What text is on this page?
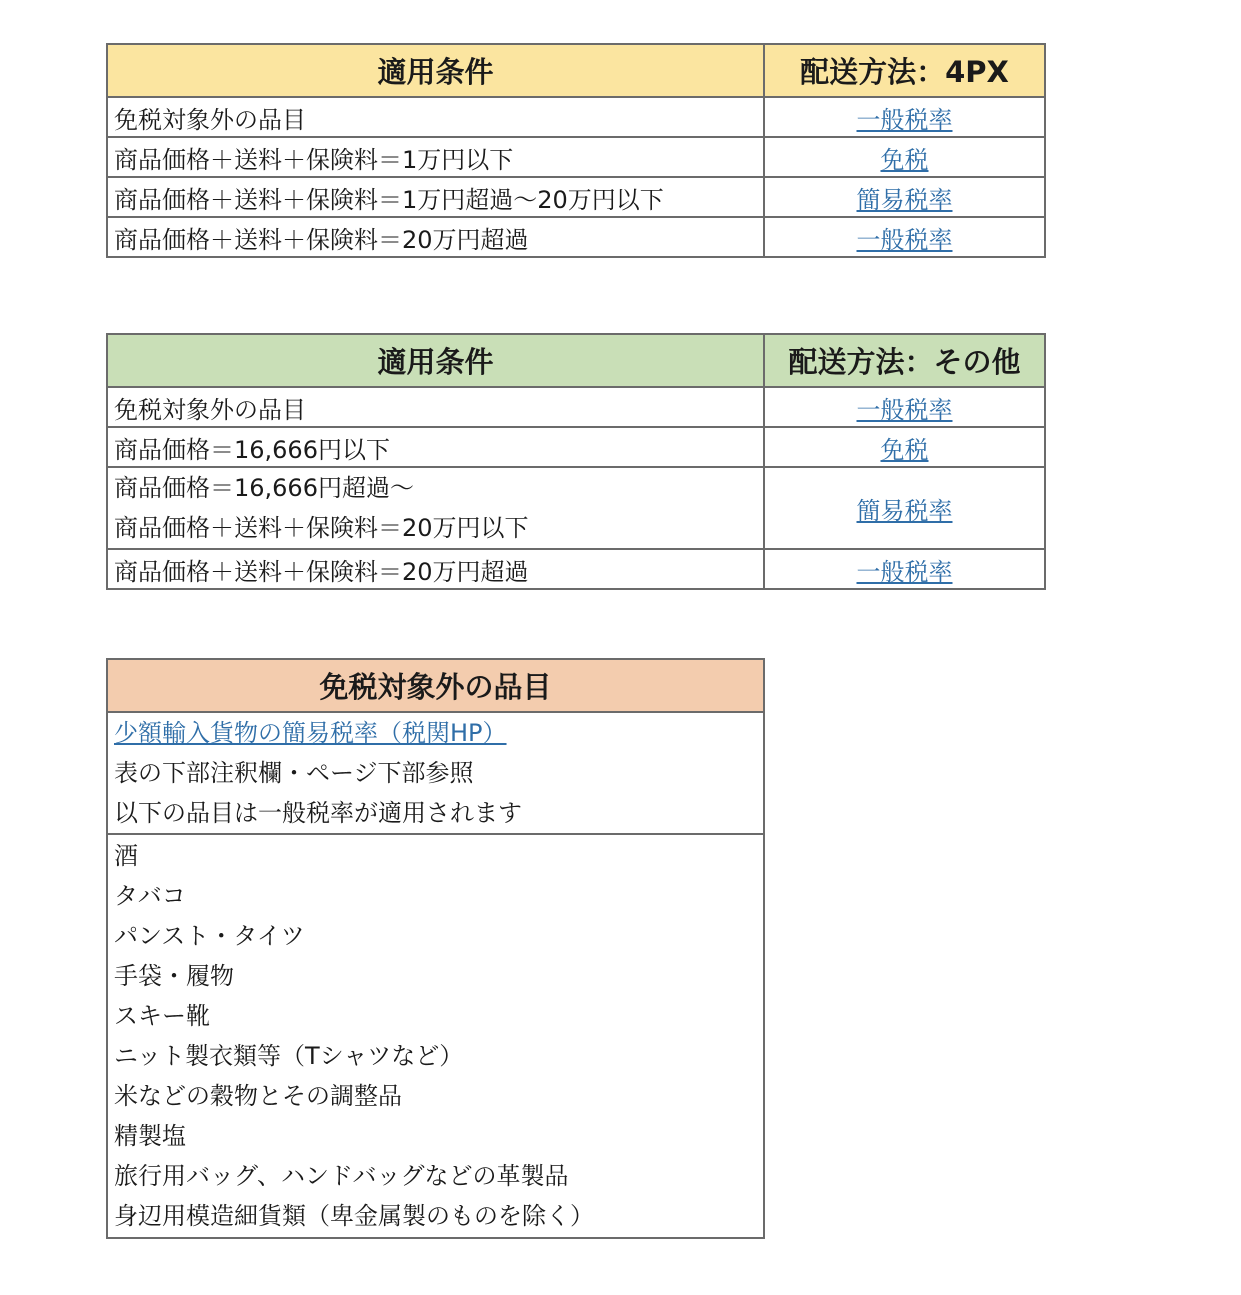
適用条件	配送方法：4PX
免税対象外の品目	一般税率
商品価格＋送料＋保険料＝1万円以下	免税
商品価格＋送料＋保険料＝1万円超過〜20万円以下	簡易税率
商品価格＋送料＋保険料＝20万円超過	一般税率
適用条件	配送方法：その他
免税対象外の品目	一般税率
商品価格＝16,666円以下	免税

商品価格＝16,666円超過〜
商品価格＋送料＋保険料＝20万円以下	簡易税率
商品価格＋送料＋保険料＝20万円超過	一般税率
免税対象外の品目

少額輸入貨物の簡易税率（税関HP）
表の下部注釈欄・ページ下部参照
以下の品目は一般税率が適用されます

酒
タバコ
パンスト・タイツ
手袋・履物
スキー靴
ニット製衣類等（Tシャツなど）
米などの穀物とその調整品
精製塩
旅行用バッグ、ハンドバッグなどの革製品
身辺用模造細貨類（卑金属製のものを除く）
